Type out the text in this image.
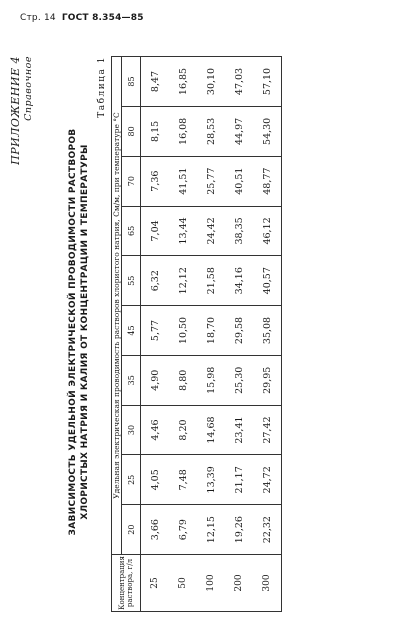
Стр. 14 ГОСТ 8.354—85
ПРИЛОЖЕНИЕ 4 Справочное
ЗАВИСИМОСТЬ УДЕЛЬНОЙ ЭЛЕКТРИЧЕСКОЙ ПРОВОДИМОСТИ РАСТВОРОВ ХЛОРИСТЫХ НАТРИЯ И КАЛИЯ ОТ КОНЦЕНТРАЦИИ И ТЕМПЕРАТУРЫ
Таблица 1
Концентрация раствора, г/л	Удельная электрическая проводимость растворов хлористого натрия, См/м, при температуре °С									
	20	25	30	35	45	55	65	70	80	85
25	3,66	4,05	4,46	4,90	5,77	6,32	7,04	7,36	8,15	8,47
50	6,79	7,48	8,20	8,80	10,50	12,12	13,44	41,51	16,08	16,85
100	12,15	13,39	14,68	15,98	18,70	21,58	24,42	25,77	28,53	30,10
200	19,26	21,17	23,41	25,30	29,58	34,16	38,35	40,51	44,97	47,03
300	22,32	24,72	27,42	29,95	35,08	40,57	46,12	48,77	54,30	57,10
